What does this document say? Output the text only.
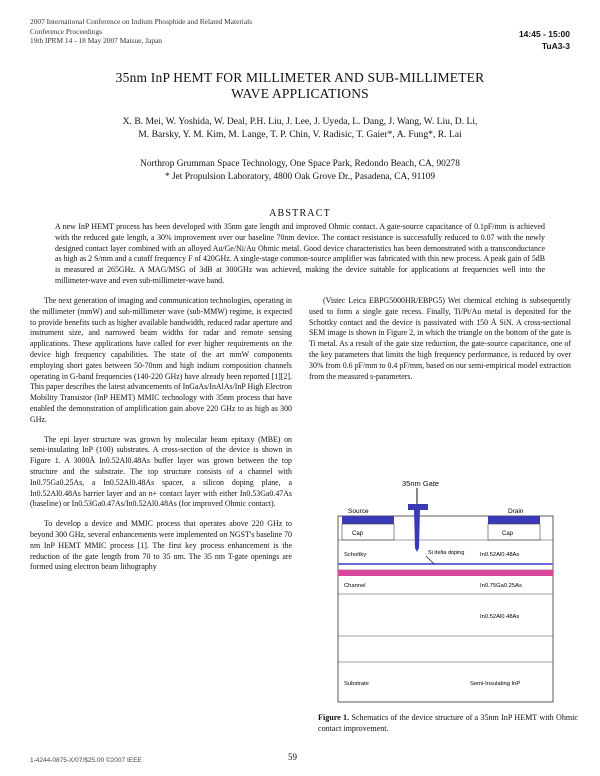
2007 International Conference on Indium Phosphide and Related Materials
Conference Proceedings
19th IPRM 14 - 18 May 2007 Matsue, Japan
14:45 - 15:00
TuA3-3
35nm InP HEMT FOR MILLIMETER AND SUB-MILLIMETER
WAVE APPLICATIONS
X. B. Mei, W. Yoshida, W. Deal, P.H. Liu, J. Lee, J. Uyeda, L. Dang, J. Wang, W. Liu, D. Li,
M. Barsky, Y. M. Kim, M. Lange, T. P. Chin, V. Radisic, T. Gaier*, A. Fung*, R. Lai
Northrop Grumman Space Technology, One Space Park, Redondo Beach, CA, 90278
* Jet Propulsion Laboratory, 4800 Oak Grove Dr., Pasadena, CA, 91109
ABSTRACT
A new InP HEMT process has been developed with 35nm gate length and improved Ohmic contact. A gate-source capacitance of 0.1pF/mm is achieved with the reduced gate length, a 30% improvement over our baseline 70nm device. The contact resistance is successfully reduced to 0.07 with the newly designed contact layer combined with an alloyed Au/Ge/Ni/Au Ohmic metal. Good device characteristics has been demonstrated with a transconductance as high as 2 S/mm and a cutoff frequency F of 420GHz. A single-stage common-source amplifier was fabricated with this new process. A peak gain of 5dB is measured at 265GHz. A MAG/MSG of 3dB at 300GHz was achieved, making the device suitable for applications at frequencies well into the millimeter-wave and even sub-millimeter-wave band.

The next generation of imaging and communication technologies, operating in the millimeter (mmW) and sub-millimeter wave (sub-MMW) regime, is expected to provide benefits such as higher available bandwidth, reduced radar aperture and instrument size, and narrowed beam widths for radar and remote sensing applications. These applications have called for ever higher requirements on the device high frequency capabilities. The state of the art mmW components employing short gates between 50-70nm and high indium composition channels operating in G-band frequencies (140-220 GHz) have already been reported [1][2]. This paper describes the latest advancements of InGaAs/InAlAs/InP High Electron Mobility Transistor (InP HEMT) MMIC technology with 35nm process that have enabled the demonstration of amplification gain above 220 GHz to as high as 300 GHz.

The epi layer structure was grown by molecular beam epitaxy (MBE) on semi-insulating InP (100) substrates. A cross-section of the device is shown in Figure 1. A 3000Å In0.52Al0.48As buffer layer was grown between the top structure and the substrate. The top structure consists of a channel with In0.75Ga0.25As, a In0.52Al0.48As spacer, a silicon doping plane, a In0.52Al0.48As barrier layer and an n+ contact layer with either In0.53Ga0.47As (baseline) or In0.53Ga0.47As/In0.52Al0.48As (for improved Ohmic contact).

To develop a device and MMIC process that operates above 220 GHz to beyond 300 GHz, several enhancements were implemented on NGST's baseline 70 nm InP HEMT MMIC process [1]. The first key process enhancement is the reduction of the gate length from 70 to 35 nm. The 35 nm T-gate openings are formed using electron beam lithography

(Vistec Leica EBPG5000HR/EBPG5) Wet chemical etching is subsequently used to form a single gate recess. Finally, Ti/Pt/Au metal is deposited for the Schottky contact and the device is passivated with 150 Å SiN. A cross-sectional SEM image is shown in Figure 2, in which the triangle on the bottom of the gate is Ti metal. As a result of the gate size reduction, the gate-source capacitance, one of the key parameters that limits the high frequency performance, is reduced by over 30% from 0.6 pF/mm to 0.4 pF/mm, based on our semi-empirical model extraction from the measured s-parameters.

35nm Gate
Source	Drain
Cap	Cap
Schottky	In0.52Al0.48As
Si delta doping
Channel	In0.75Ga0.25As
In0.52Al0.48As
Substrate	Semi-Insulating InP
Figure 1. Schematics of the device structure of a 35nm InP HEMT with Ohmic contact improvement.
1-4244-0875-X/07/$25.00 ©2007 IEEE	59
